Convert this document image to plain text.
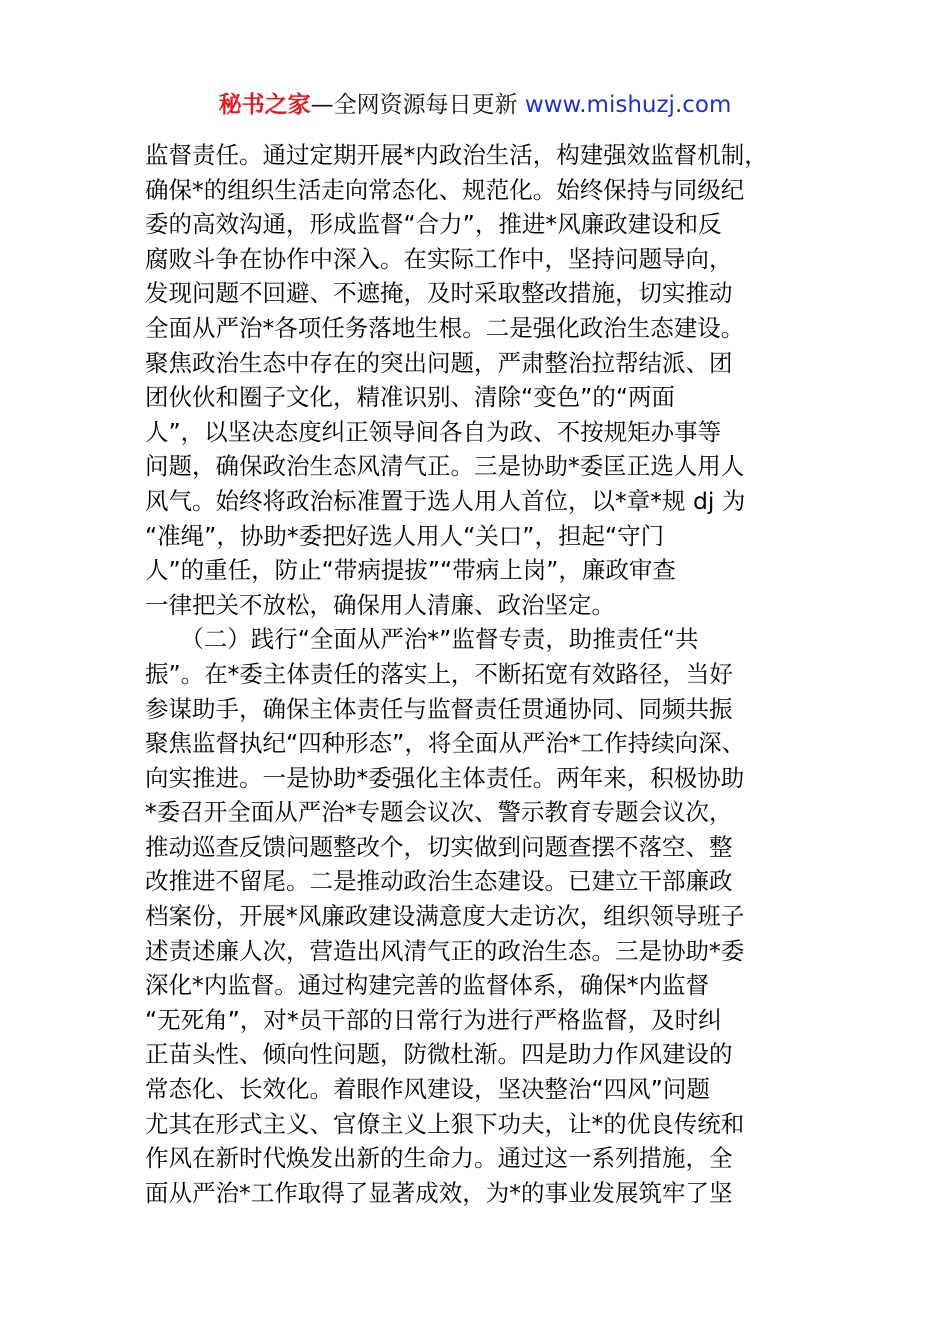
秘书之家—全网资源每日更新 www.mishuzj.com
监督责任。通过定期开展*内政治生活，构建强效监督机制，
确保*的组织生活走向常态化、规范化。始终保持与同级纪
委的高效沟通，形成监督“合力”，推进*风廉政建设和反
腐败斗争在协作中深入。在实际工作中，坚持问题导向，
发现问题不回避、不遮掩，及时采取整改措施，切实推动
全面从严治*各项任务落地生根。二是强化政治生态建设。
聚焦政治生态中存在的突出问题，严肃整治拉帮结派、团
团伙伙和圈子文化，精准识别、清除“变色”的“两面
人”，以坚决态度纠正领导间各自为政、不按规矩办事等
问题，确保政治生态风清气正。三是协助*委匡正选人用人
风气。始终将政治标准置于选人用人首位，以*章*规 dj 为
“准绳”，协助*委把好选人用人“关口”，担起“守门
人”的重任，防止“带病提拔”“带病上岗”，廉政审查
一律把关不放松，确保用人清廉、政治坚定。
　　（二）践行“全面从严治*”监督专责，助推责任“共
振”。在*委主体责任的落实上，不断拓宽有效路径，当好
参谋助手，确保主体责任与监督责任贯通协同、同频共振
聚焦监督执纪“四种形态”，将全面从严治*工作持续向深、
向实推进。一是协助*委强化主体责任。两年来，积极协助
*委召开全面从严治*专题会议次、警示教育专题会议次，
推动巡查反馈问题整改个，切实做到问题查摆不落空、整
改推进不留尾。二是推动政治生态建设。已建立干部廉政
档案份，开展*风廉政建设满意度大走访次，组织领导班子
述责述廉人次，营造出风清气正的政治生态。三是协助*委
深化*内监督。通过构建完善的监督体系，确保*内监督
“无死角”，对*员干部的日常行为进行严格监督，及时纠
正苗头性、倾向性问题，防微杜渐。四是助力作风建设的
常态化、长效化。着眼作风建设，坚决整治“四风”问题
尤其在形式主义、官僚主义上狠下功夫，让*的优良传统和
作风在新时代焕发出新的生命力。通过这一系列措施，全
面从严治*工作取得了显著成效，为*的事业发展筑牢了坚
